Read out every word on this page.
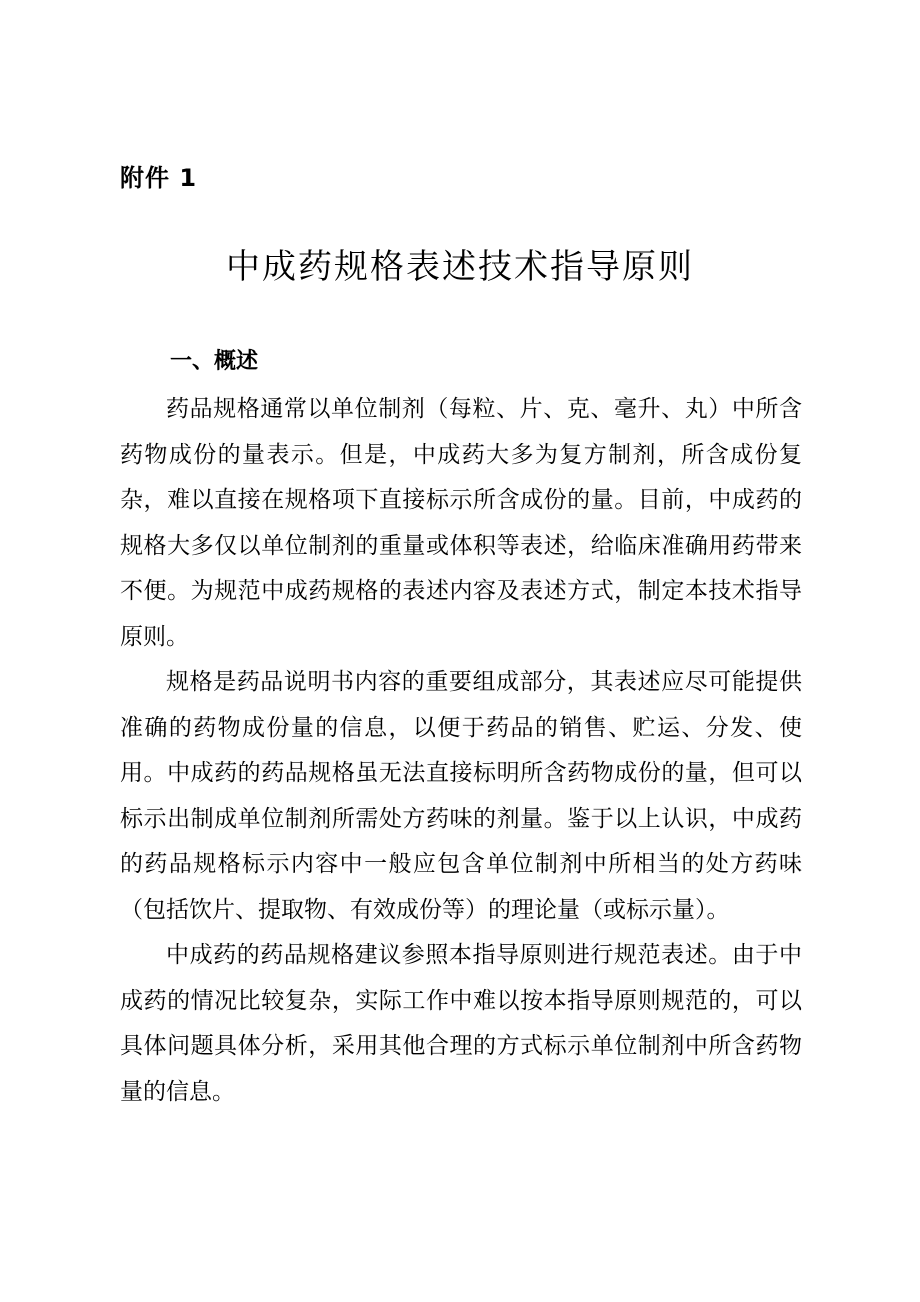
附件 1
中成药规格表述技术指导原则
一、概述

药品规格通常以单位制剂（每粒、片、克、毫升、丸）中所含药物成份的量表示。但是，中成药大多为复方制剂，所含成份复杂，难以直接在规格项下直接标示所含成份的量。目前，中成药的规格大多仅以单位制剂的重量或体积等表述，给临床准确用药带来不便。为规范中成药规格的表述内容及表述方式，制定本技术指导原则。

规格是药品说明书内容的重要组成部分，其表述应尽可能提供准确的药物成份量的信息，以便于药品的销售、贮运、分发、使用。中成药的药品规格虽无法直接标明所含药物成份的量，但可以标示出制成单位制剂所需处方药味的剂量。鉴于以上认识，中成药的药品规格标示内容中一般应包含单位制剂中所相当的处方药味（包括饮片、提取物、有效成份等）的理论量（或标示量）。

中成药的药品规格建议参照本指导原则进行规范表述。由于中成药的情况比较复杂，实际工作中难以按本指导原则规范的，可以具体问题具体分析，采用其他合理的方式标示单位制剂中所含药物量的信息。
